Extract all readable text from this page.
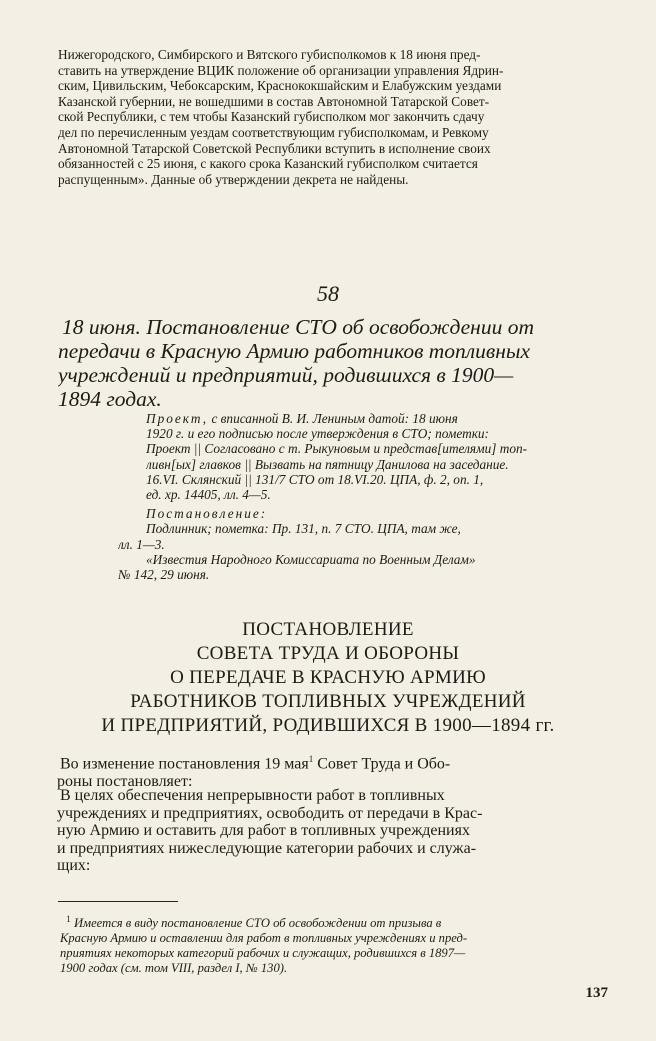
Нижегородского, Симбирского и Вятского губисполкомов к 18 июня пред-
ставить на утверждение ВЦИК положение об организации управления Ядрин-
ским, Цивильским, Чебоксарским, Краснококшайским и Елабужским уездами
Казанской губернии, не вошедшими в состав Автономной Татарской Совет-
ской Республики, с тем чтобы Казанский губисполком мог закончить сдачу
дел по перечисленным уездам соответствующим губисполкомам, и Ревкому
Автономной Татарской Советской Республики вступить в исполнение своих
обязанностей с 25 июня, с какого срока Казанский губисполком считается
распущенным». Данные об утверждении декрета не найдены.
58
18 июня. Постановление СТО об освобождении от
передачи в Красную Армию работников топливных
учреждений и предприятий, родившихся в 1900—
1894 годах.
Проект, с вписанной В. И. Лениным датой: 18 июня
1920 г. и его подписью после утверждения в СТО; пометки:
Проект || Согласовано с т. Рыкуновым и представ[ителями] топ-
ливн[ых] главков || Вызвать на пятницу Данилова на заседание.
16.VI. Склянский || 131/7 СТО от 18.VI.20. ЦПА, ф. 2, оп. 1,
ед. хр. 14405, лл. 4—5.
Постановление:
Подлинник; пометка: Пр. 131, п. 7 СТО. ЦПА, там же,
лл. 1—3.
«Известия Народного Комиссариата по Военным Делам»
№ 142, 29 июня.
ПОСТАНОВЛЕНИЕ
СОВЕТА ТРУДА И ОБОРОНЫ
О ПЕРЕДАЧЕ В КРАСНУЮ АРМИЮ
РАБОТНИКОВ ТОПЛИВНЫХ УЧРЕЖДЕНИЙ
И ПРЕДПРИЯТИЙ, РОДИВШИХСЯ В 1900—1894 гг.
Во изменение постановления 19 мая$^1$ Совет Труда и Обо-
роны постановляет:
В целях обеспечения непрерывности работ в топливных
учреждениях и предприятиях, освободить от передачи в Крас-
ную Армию и оставить для работ в топливных учреждениях
и предприятиях нижеследующие категории рабочих и служа-
щих:
$^1$ Имеется в виду постановление СТО об освобождении от призыва в
Красную Армию и оставлении для работ в топливных учреждениях и пред-
приятиях некоторых категорий рабочих и служащих, родившихся в 1897—
1900 годах (см. том VIII, раздел I, № 130).
137
